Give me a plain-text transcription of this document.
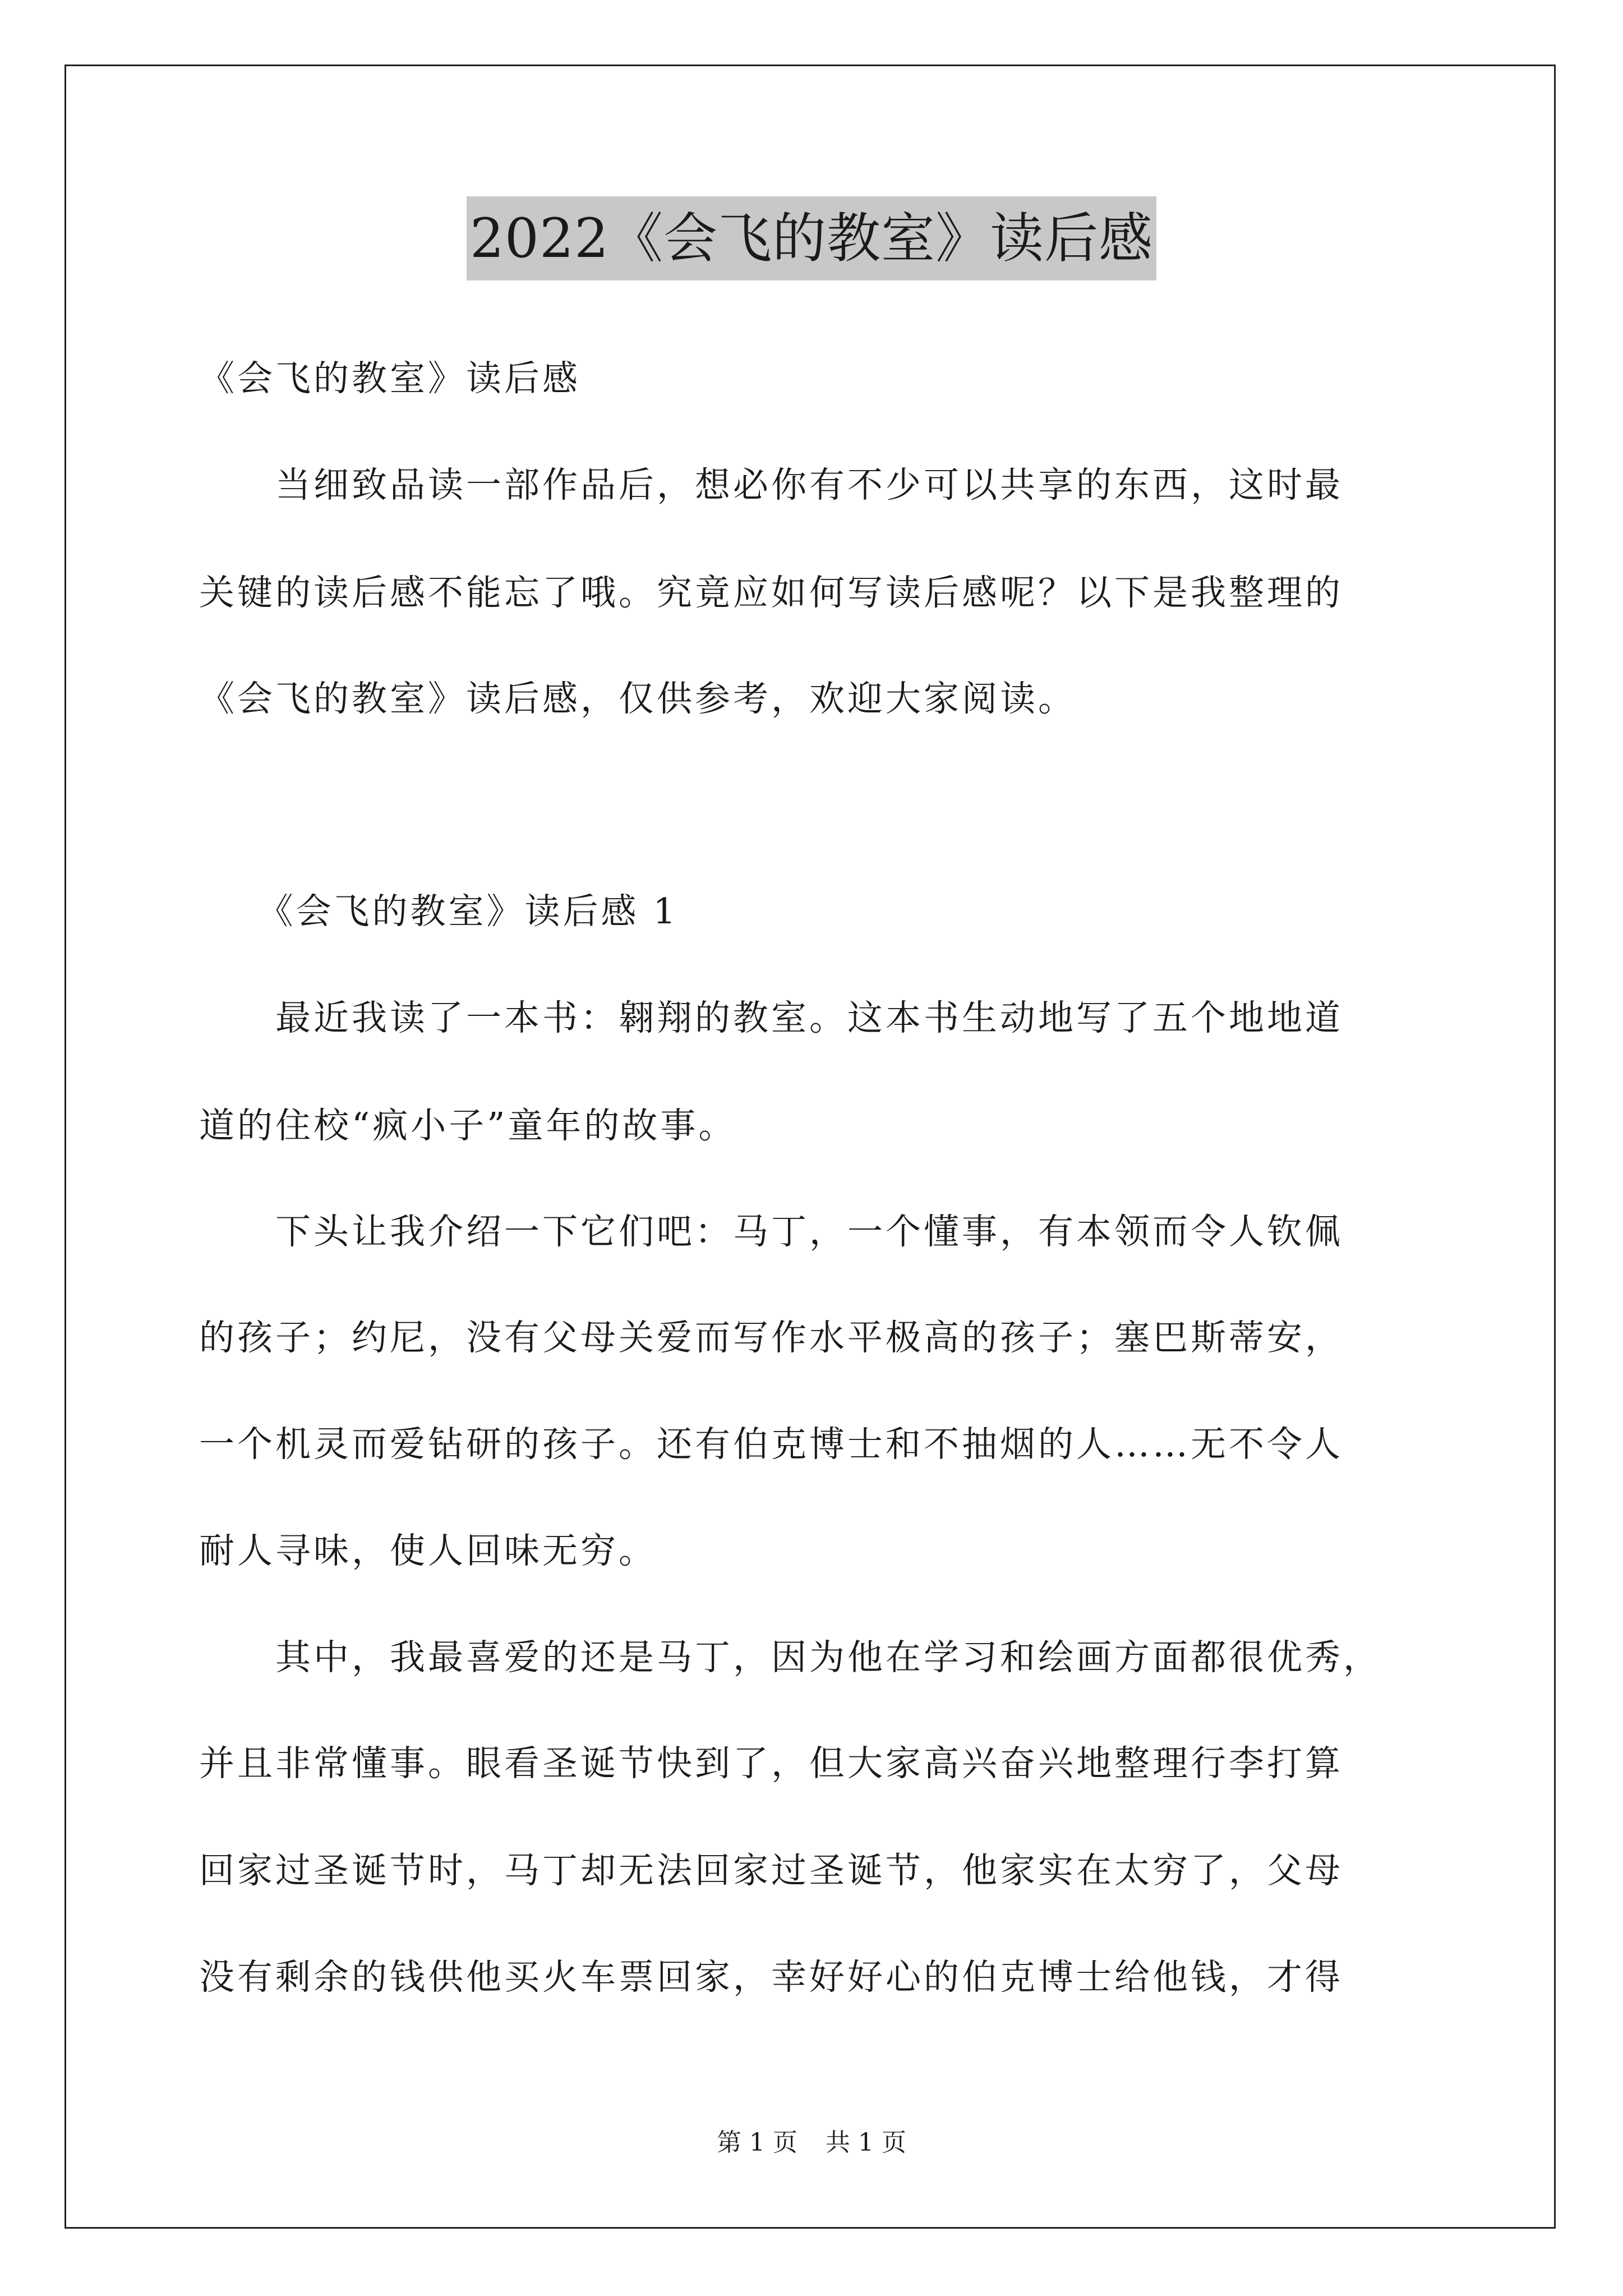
2022《会飞的教室》读后感
《会飞的教室》读后感
　　当细致品读一部作品后，想必你有不少可以共享的东西，这时最
关键的读后感不能忘了哦。究竟应如何写读后感呢？以下是我整理的
《会飞的教室》读后感，仅供参考，欢迎大家阅读。
　　《会飞的教室》读后感 1
　　最近我读了一本书：翱翔的教室。这本书生动地写了五个地地道
道的住校“疯小子”童年的故事。
　　下头让我介绍一下它们吧：马丁，一个懂事，有本领而令人钦佩
的孩子；约尼，没有父母关爱而写作水平极高的孩子；塞巴斯蒂安，
一个机灵而爱钻研的孩子。还有伯克博士和不抽烟的人……无不令人
耐人寻味，使人回味无穷。
　　其中，我最喜爱的还是马丁，因为他在学习和绘画方面都很优秀，
并且非常懂事。眼看圣诞节快到了，但大家高兴奋兴地整理行李打算
回家过圣诞节时，马丁却无法回家过圣诞节，他家实在太穷了，父母
没有剩余的钱供他买火车票回家，幸好好心的伯克博士给他钱，才得
第 1 页 共 1 页
